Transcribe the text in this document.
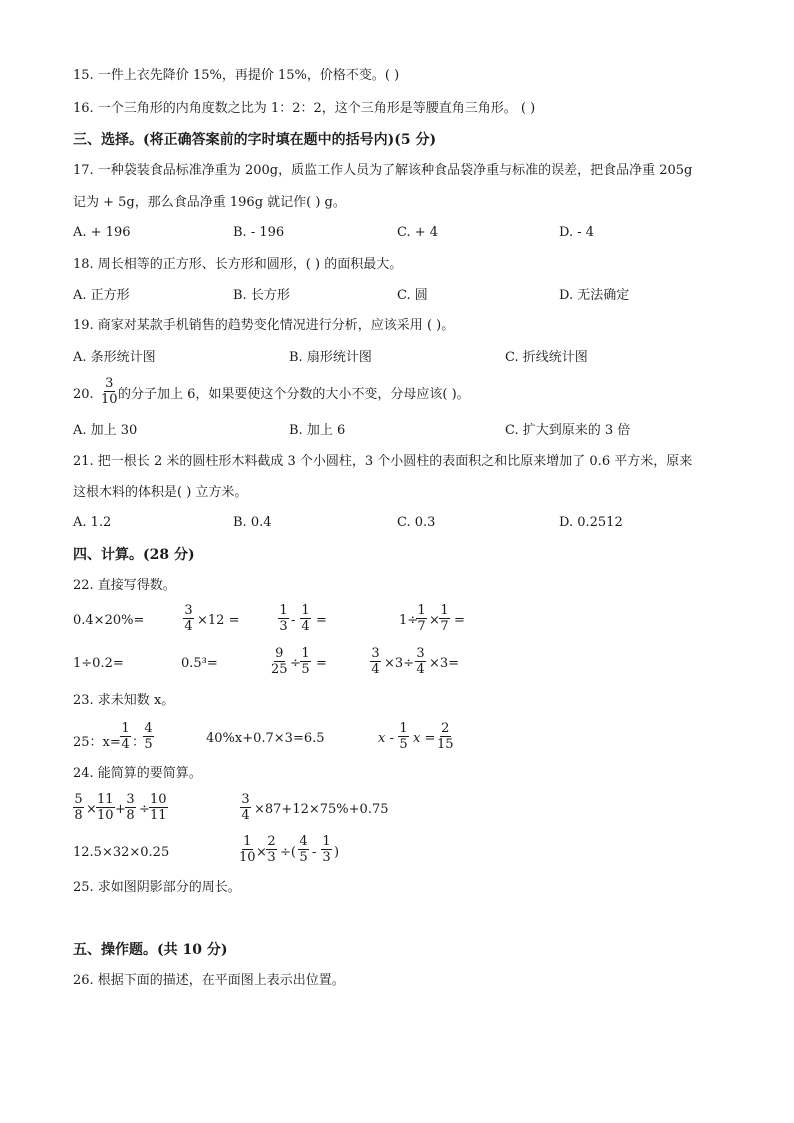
15. 一件上衣先降价 15%，再提价 15%，价格不变。( )
16. 一个三角形的内角度数之比为 1：2：2，这个三角形是等腰直角三角形。 ( )
三、选择。(将正确答案前的字时填在题中的括号内)(5 分)
17. 一种袋装食品标准净重为 200g，质监工作人员为了解该种食品袋净重与标准的误差，把食品净重 205g
记为 + 5g，那么食品净重 196g 就记作( ) g。
A. + 196	B. - 196	C. + 4	D. - 4
18. 周长相等的正方形、长方形和圆形，( ) 的面积最大。
A. 正方形	B. 长方形	C. 圆	D. 无法确定
19. 商家对某款手机销售的趋势变化情况进行分析，应该采用 ( )。
A. 条形统计图	B. 扇形统计图	C. 折线统计图
20. $\frac{3}{10}$ 的分子加上 6，如果要使这个分数的大小不变，分母应该( )。
A. 加上 30	B. 加上 6	C. 扩大到原来的 3 倍
21. 把一根长 2 米的圆柱形木料截成 3 个小圆柱，3 个小圆柱的表面积之和比原来增加了 0.6 平方米，原来
这根木料的体积是( ) 立方米。
A. 1.2	B. 0.4	C. 0.3	D. 0.2512
四、计算。(28 分)
22. 直接写得数。
0.4×20%=	$\frac{3}{4} \times 12$ =	$\frac{1}{3} - \frac{1}{4}$ =	1÷
$\frac{1}{7} \times \frac{1}{7}$ =
1÷0.2=	0.5³=	$\frac{9}{25} \div \frac{1}{5}$ =	$\frac{3}{4} \times 3\div \frac{3}{4} \times 3=$
23. 求未知数 x。
25：$x= \frac{1}{4}$ ：
$\frac{4}{5}$	40%x+0.7×3=6.5	x - $\frac{1}{5}$ $x = \frac{2}{15}$
24. 能简算的要简算。
$\frac{5}{8} \times \frac{11}{10} + \frac{3}{8} \div \frac{10}{11}$	$\frac{3}{4} \times 87+12\times 75\%+0.75$
12.5×32×0.25	$\frac{1}{10} \times \frac{2}{3}$ ÷( $\frac{4}{5} - \frac{1}{3}$ )
25. 求如图阴影部分的周长。
五、操作题。(共 10 分)
26. 根据下面的描述，在平面图上表示出位置。
